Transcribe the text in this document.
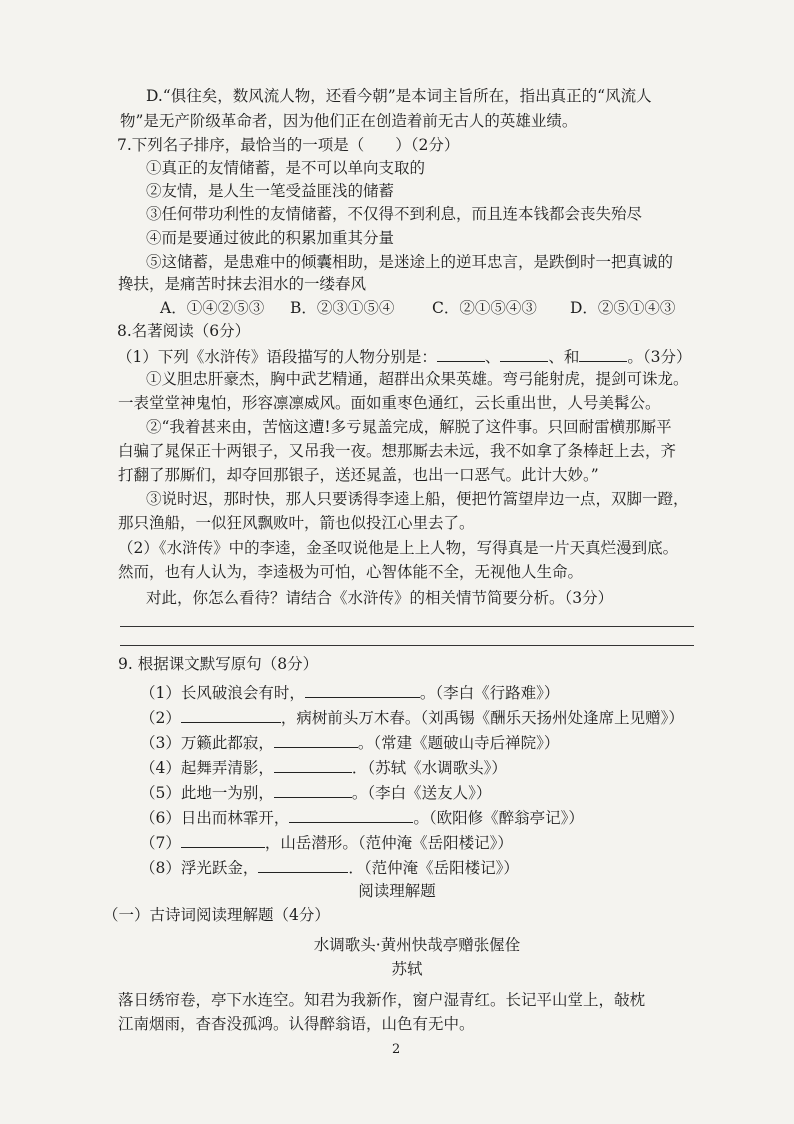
D.“俱往矣，数风流人物，还看今朝”是本词主旨所在，指出真正的“风流人
物”是无产阶级革命者，因为他们正在创造着前无古人的英雄业绩。
7.下列名子排序，最恰当的一项是（　　）（2分）
①真正的友情储蓄，是不可以单向支取的
②友情，是人生一笔受益匪浅的储蓄
③任何带功利性的友情储蓄，不仅得不到利息，而且连本钱都会丧失殆尽
④而是要通过彼此的积累加重其分量
⑤这储蓄，是患难中的倾囊相助，是迷途上的逆耳忠言，是跌倒时一把真诚的
搀扶，是痛苦时抹去泪水的一缕春风
A．①④②⑤③ B．②③①⑤④ C．②①⑤④③ D．②⑤①④③
8.名著阅读（6分）
（1）下列《水浒传》语段描写的人物分别是：	、	、和	。（3分）
①义胆忠肝豪杰，胸中武艺精通，超群出众果英雄。弯弓能射虎，提剑可诛龙。
一表堂堂神鬼怕，形容凛凛威风。面如重枣色通红，云长重出世，人号美髯公。
②“我着甚来由，苦恼这遭!多亏晁盖完成，解脱了这件事。只回耐雷横那厮平
白骗了晁保正十两银子，又吊我一夜。想那厮去未远，我不如拿了条棒赶上去，齐
打翻了那厮们，却夺回那银子，送还晁盖，也出一口恶气。此计大妙。”
③说时迟，那时快，那人只要诱得李逵上船，便把竹篙望岸边一点，双脚一蹬，
那只渔船，一似狂风飘败叶，箭也似投江心里去了。
（2）《水浒传》中的李逵，金圣叹说他是上上人物，写得真是一片天真烂漫到底。
然而，也有人认为，李逵极为可怕，心智体能不全，无视他人生命。
对此，你怎么看待？请结合《水浒传》的相关情节简要分析。（3分）
9. 根据课文默写原句（8分）
（1）长风破浪会有时，	。（李白《行路难》）
（2）	，病树前头万木春。（刘禹锡《酬乐天扬州处逢席上见赠》）
（3）万籁此都寂，	。（常建《题破山寺后禅院》）
（4）起舞弄清影，	．（苏轼《水调歌头》）
（5）此地一为别，	。（李白《送友人》）
（6）日出而林霏开，	。（欧阳修《醉翁亭记》）
（7）	，山岳潜形。（范仲淹《岳阳楼记》）
（8）浮光跃金，	．（范仲淹《岳阳楼记》）
阅读理解题
（一）古诗词阅读理解题（4分）
水调歌头·黄州快哉亭赠张偓佺
苏轼
落日绣帘卷，亭下水连空。知君为我新作，窗户湿青红。长记平山堂上，敧枕
江南烟雨，杳杳没孤鸿。认得醉翁语，山色有无中。
2
